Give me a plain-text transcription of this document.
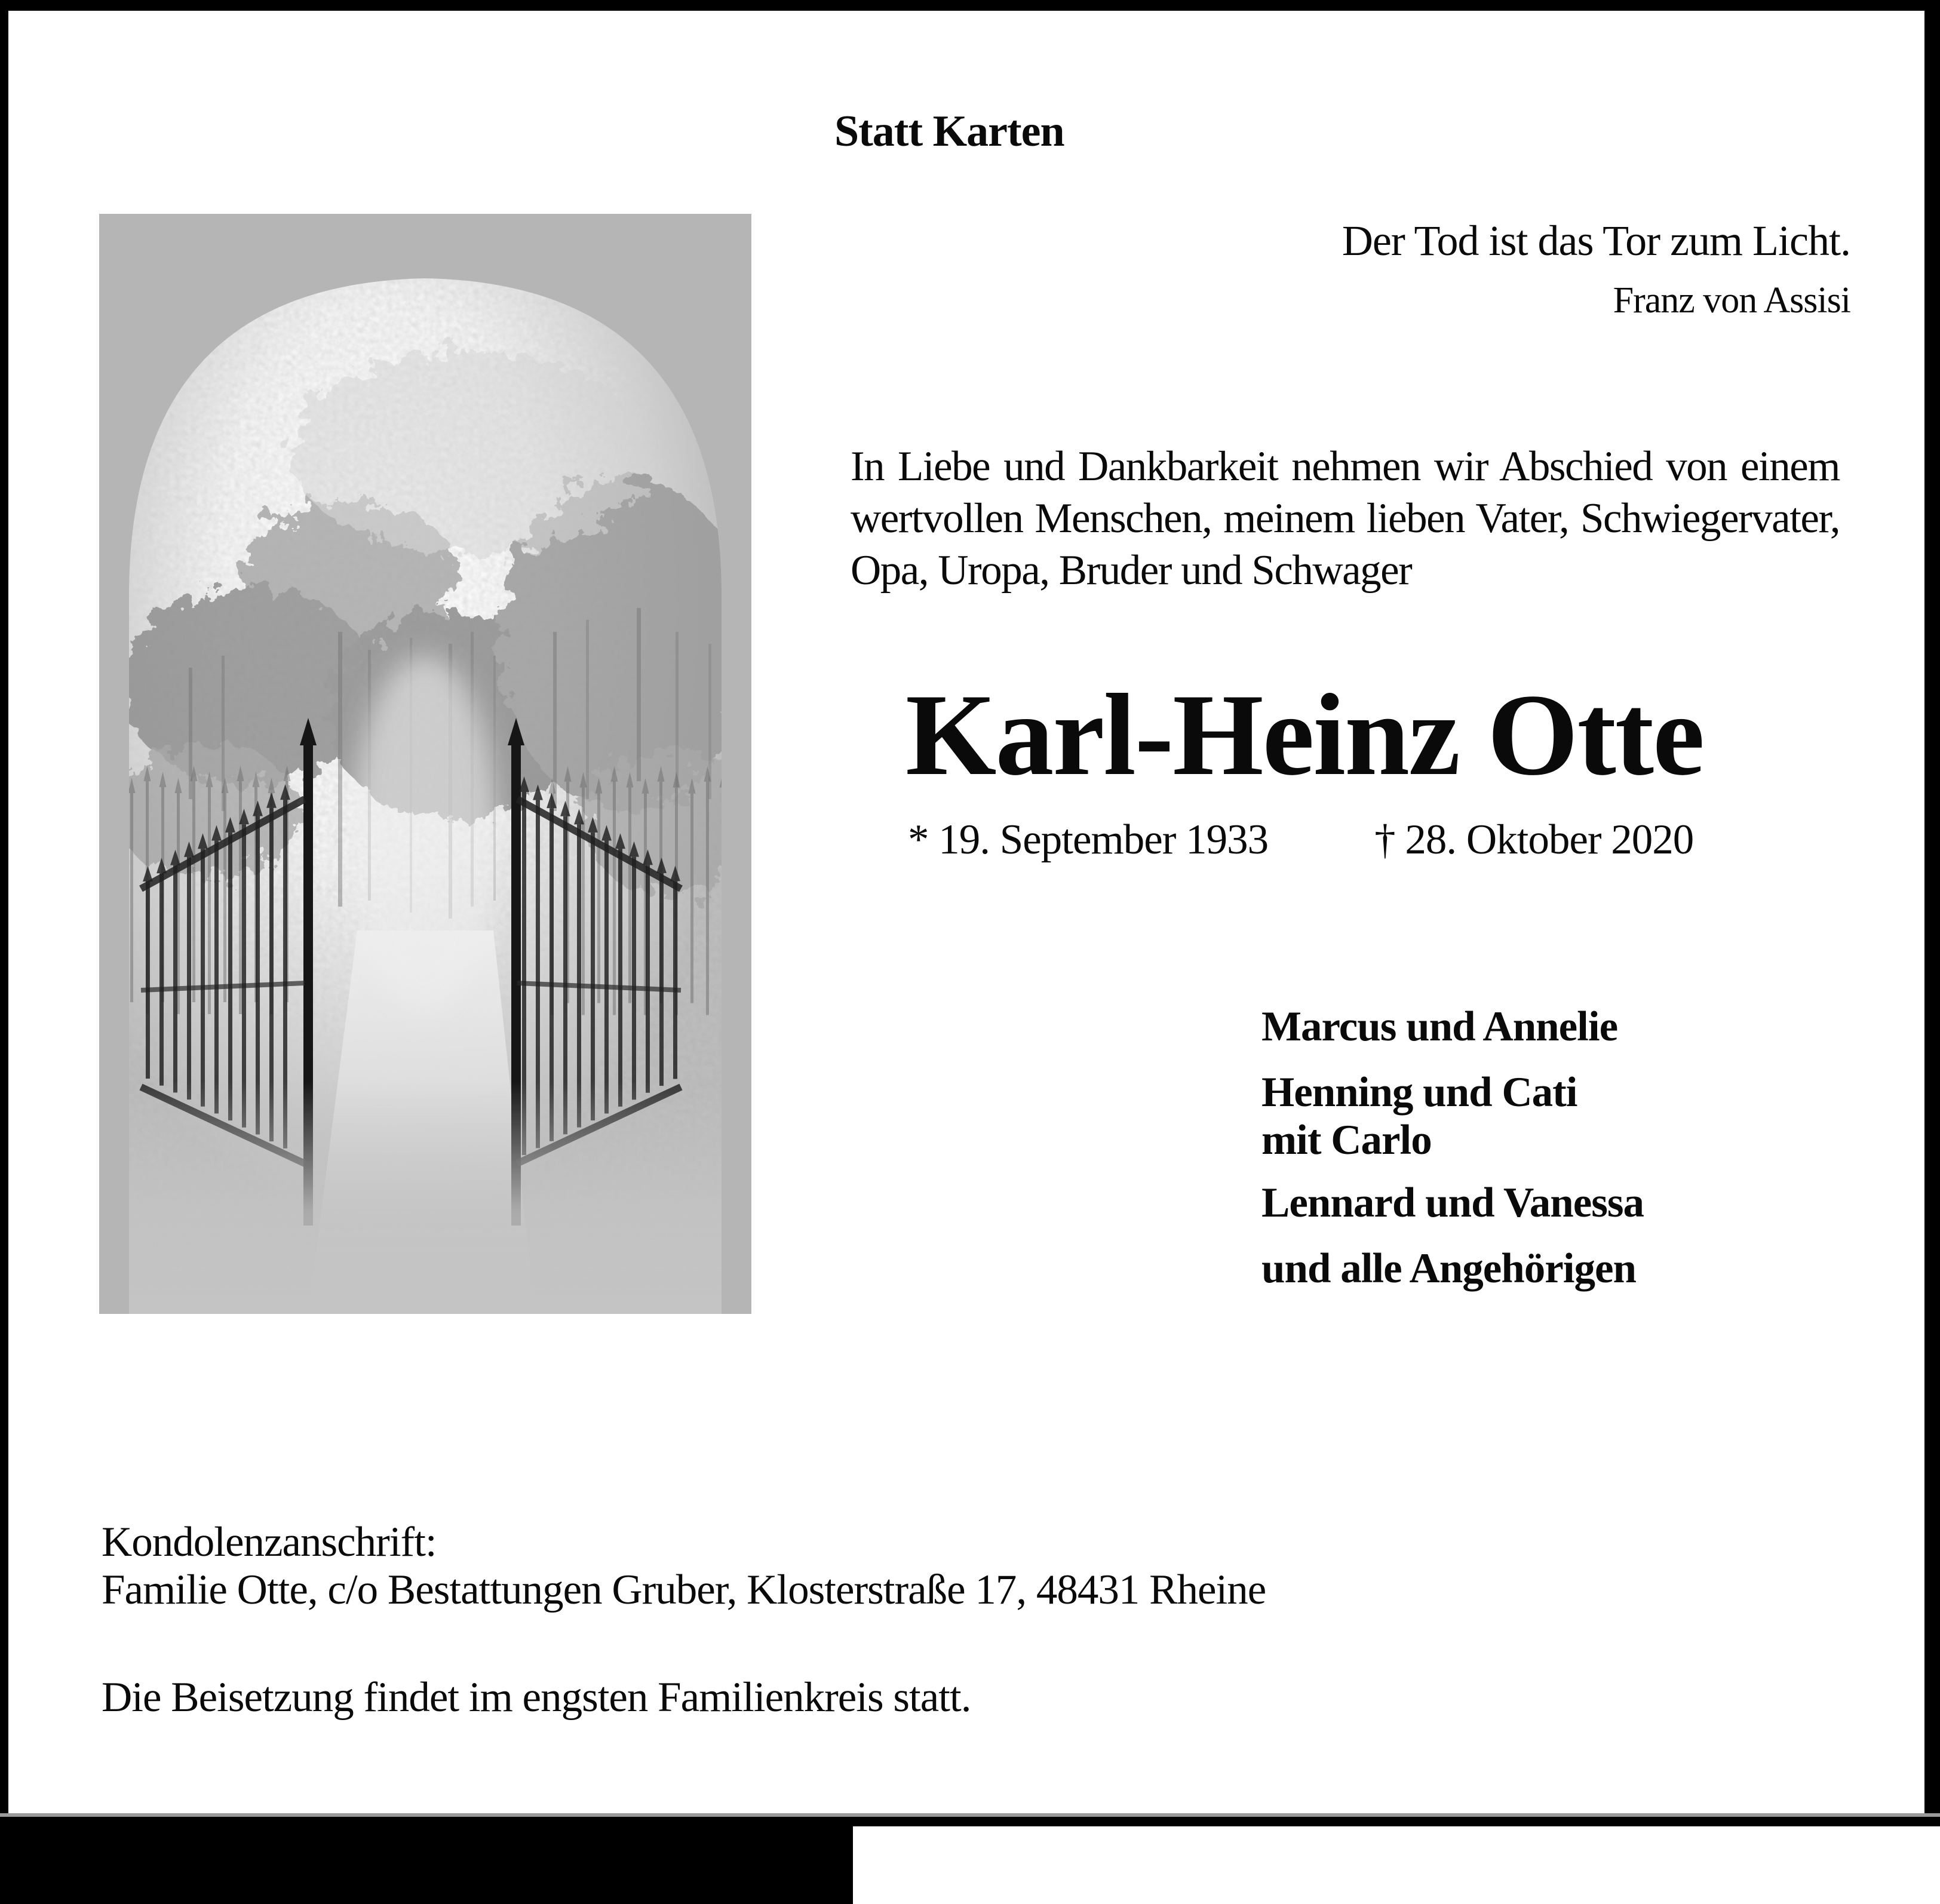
Statt Karten
Der Tod ist das Tor zum Licht.
Franz von Assisi
In Liebe und Dankbarkeit nehmen wir Abschied von einem wertvollen Menschen, meinem lieben Vater, Schwiegervater, Opa, Uropa, Bruder und Schwager
Karl-Heinz Otte
* 19. September 1933	† 28. Oktober 2020
Marcus und Annelie
Henning und Cati
mit Carlo
Lennard und Vanessa
und alle Angehörigen
Kondolenzanschrift:
Familie Otte, c/o Bestattungen Gruber, Klosterstraße 17, 48431 Rheine
Die Beisetzung findet im engsten Familienkreis statt.
